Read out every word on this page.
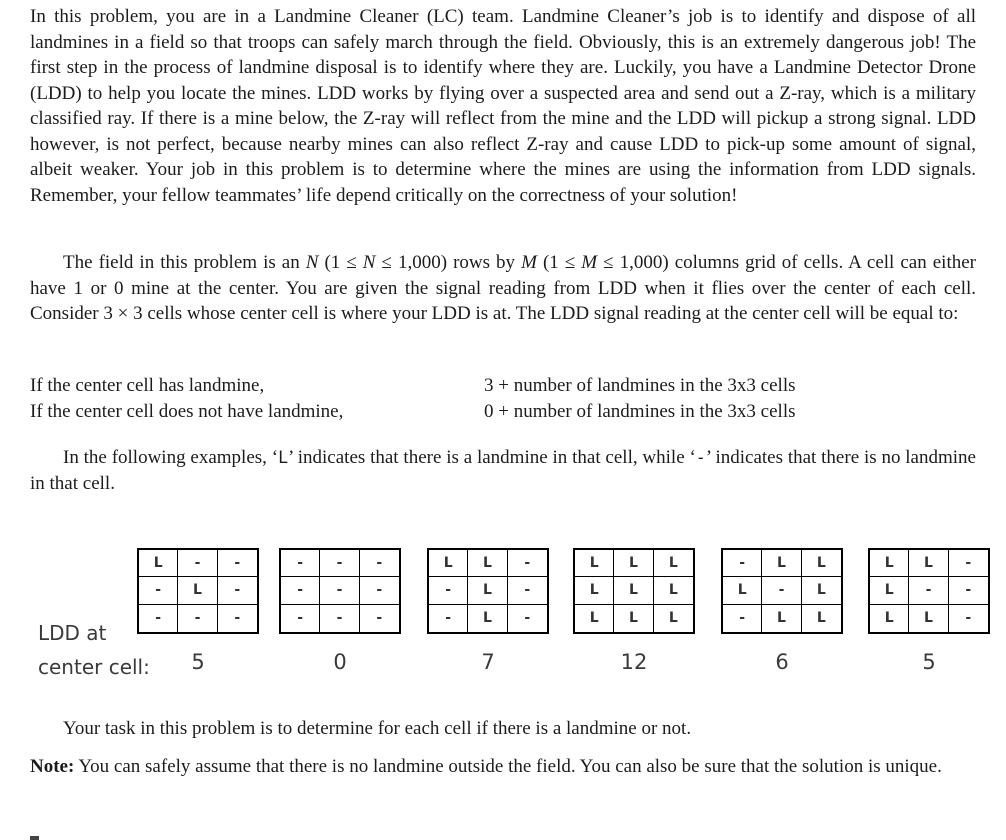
In this problem, you are in a Landmine Cleaner (LC) team. Landmine Cleaner’s job is to identify and dispose of all landmines in a field so that troops can safely march through the field. Obviously, this is an extremely dangerous job! The first step in the process of landmine disposal is to identify where they are. Luckily, you have a Landmine Detector Drone (LDD) to help you locate the mines. LDD works by flying over a suspected area and send out a Z-ray, which is a military classified ray. If there is a mine below, the Z-ray will reflect from the mine and the LDD will pickup a strong signal. LDD however, is not perfect, because nearby mines can also reflect Z-ray and cause LDD to pick-up some amount of signal, albeit weaker. Your job in this problem is to determine where the mines are using the information from LDD signals. Remember, your fellow teammates’ life depend critically on the correctness of your solution!

The field in this problem is an N (1 ≤ N ≤ 1,000) rows by M (1 ≤ M ≤ 1,000) columns grid of cells. A cell can either have 1 or 0 mine at the center. You are given the signal reading from LDD when it flies over the center of each cell. Consider 3 × 3 cells whose center cell is where your LDD is at. The LDD signal reading at the center cell will be equal to:

If the center cell has landmine,	3 + number of landmines in the 3x3 cells
If the center cell does not have landmine,	0 + number of landmines in the 3x3 cells

In the following examples, ‘L’ indicates that there is a landmine in that cell, while ‘-’ indicates that there is no landmine in that cell.

LDD at
center cell:
L	-	-
-	L	-
-	-	-
5
-	-	-
-	-	-
-	-	-
0
L	L	-
-	L	-
-	L	-
7
L	L	L
L	L	L
L	L	L
12
-	L	L
L	-	L
-	L	L
6
L	L	-
L	-	-
L	L	-
5

Your task in this problem is to determine for each cell if there is a landmine or not.

Note: You can safely assume that there is no landmine outside the field. You can also be sure that the solution is unique.
